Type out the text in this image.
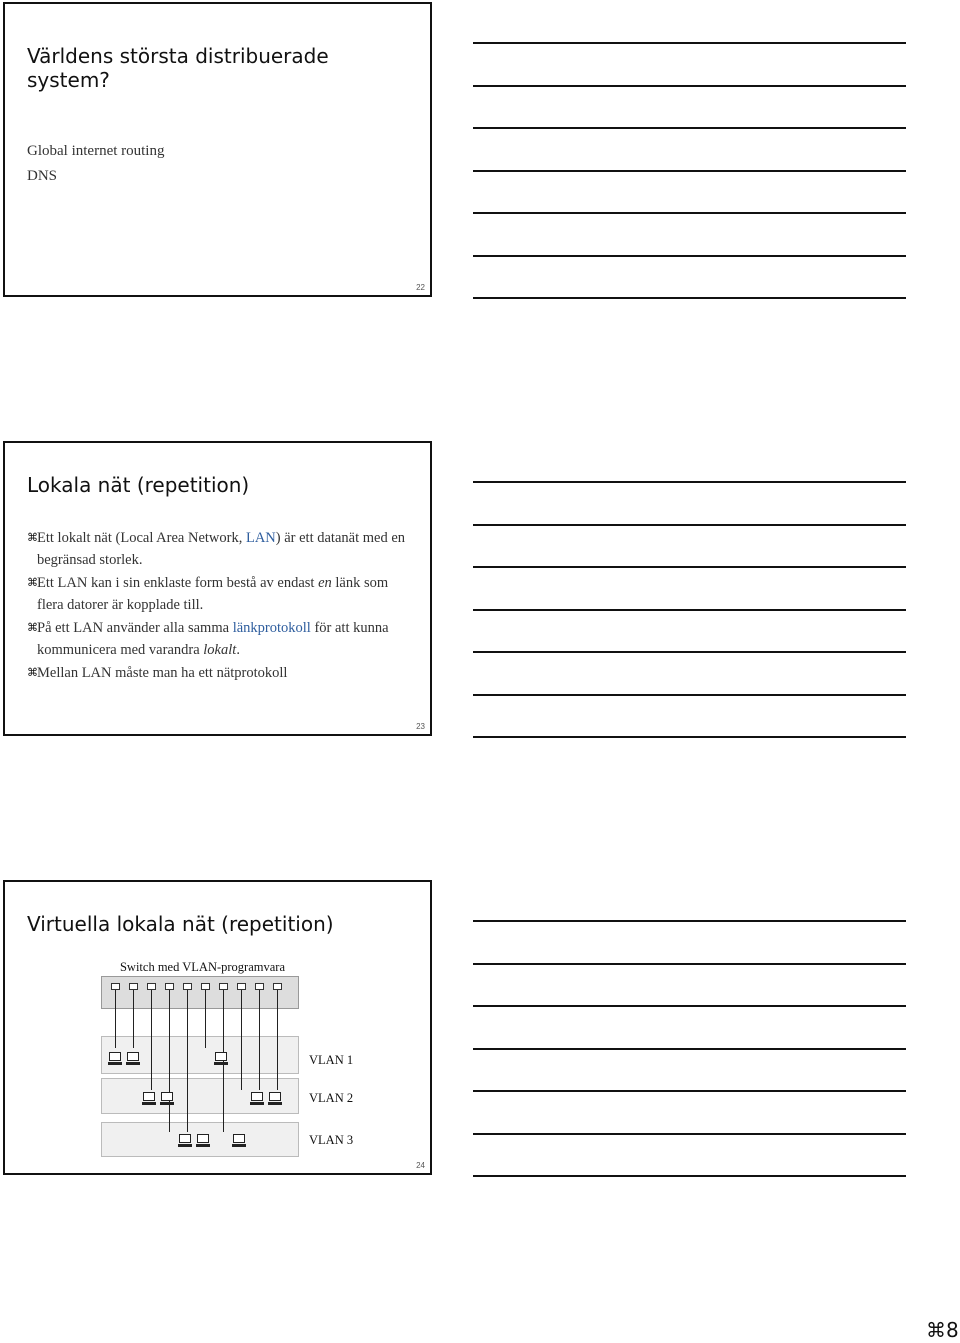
Världens största distribuerade
system?
Global internet routing
DNS
22
Lokala nät (repetition)
⌘ Ett lokalt nät (Local Area Network, LAN) är ett datanät med en begränsad storlek.
⌘ Ett LAN kan i sin enklaste form bestå av endast en länk som flera datorer är kopplade till.
⌘ På ett LAN använder alla samma länkprotokoll för att kunna kommunicera med varandra lokalt.
⌘ Mellan LAN måste man ha ett nätprotokoll
23
Virtuella lokala nät (repetition)
Switch med VLAN-programvara
VLAN 1
VLAN 2
VLAN 3
24
⌘8
